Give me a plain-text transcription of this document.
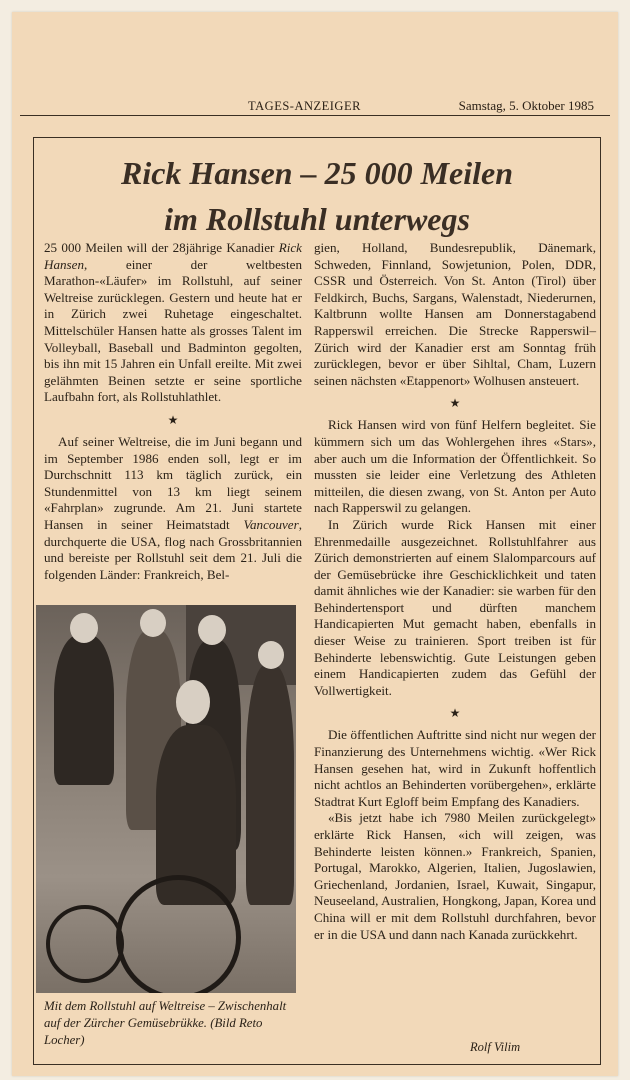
TAGES-ANZEIGER	Samstag, 5. Oktober 1985
Rick Hansen – 25 000 Meilen
im Rollstuhl unterwegs

25 000 Meilen will der 28jährige Kanadier Rick Hansen, einer der weltbesten Marathon-«Läufer» im Rollstuhl, auf seiner Weltreise zurücklegen. Gestern und heute hat er in Zürich zwei Ruhetage eingeschaltet. Mittelschüler Hansen hatte als grosses Talent im Volleyball, Baseball und Badminton gegolten, bis ihn mit 15 Jahren ein Unfall ereilte. Mit zwei gelähmten Beinen setzte er seine sportliche Laufbahn fort, als Rollstuhlathlet.

★

Auf seiner Weltreise, die im Juni begann und im September 1986 enden soll, legt er im Durchschnitt 113 km täglich zurück, ein Stundenmittel von 13 km liegt seinem «Fahrplan» zugrunde. Am 21. Juni startete Hansen in seiner Heimatstadt Vancouver, durchquerte die USA, flog nach Grossbritannien und bereiste per Rollstuhl seit dem 21. Juli die folgenden Länder: Frankreich, Bel-

Mit dem Rollstuhl auf Weltreise – Zwischenhalt auf der Zürcher Gemüsebrükke. (Bild Reto Locher)

gien, Holland, Bundesrepublik, Dänemark, Schweden, Finnland, Sowjetunion, Polen, DDR, CSSR und Österreich. Von St. Anton (Tirol) über Feldkirch, Buchs, Sargans, Walenstadt, Niederurnen, Kaltbrunn wollte Hansen am Donnerstagabend Rapperswil erreichen. Die Strecke Rapperswil–Zürich wird der Kanadier erst am Sonntag früh zurücklegen, bevor er über Sihltal, Cham, Luzern seinen nächsten «Etappenort» Wolhusen ansteuert.

★

Rick Hansen wird von fünf Helfern begleitet. Sie kümmern sich um das Wohlergehen ihres «Stars», aber auch um die Information der Öffentlichkeit. So mussten sie leider eine Verletzung des Athleten mitteilen, die diesen zwang, von St. Anton per Auto nach Rapperswil zu gelangen.

In Zürich wurde Rick Hansen mit einer Ehrenmedaille ausgezeichnet. Rollstuhlfahrer aus Zürich demonstrierten auf einem Slalomparcours auf der Gemüsebrücke ihre Geschicklichkeit und taten damit ähnliches wie der Kanadier: sie warben für den Behindertensport und dürften manchem Handicapierten Mut gemacht haben, ebenfalls in dieser Weise zu trainieren. Sport treiben ist für Behinderte lebenswichtig. Gute Leistungen geben einem Handicapierten zudem das Gefühl der Vollwertigkeit.

★

Die öffentlichen Auftritte sind nicht nur wegen der Finanzierung des Unternehmens wichtig. «Wer Rick Hansen gesehen hat, wird in Zukunft hoffentlich nicht achtlos an Behinderten vorübergehen», erklärte Stadtrat Kurt Egloff beim Empfang des Kanadiers.

«Bis jetzt habe ich 7980 Meilen zurückgelegt» erklärte Rick Hansen, «ich will zeigen, was Behinderte leisten können.» Frankreich, Spanien, Portugal, Marokko, Algerien, Italien, Jugoslawien, Griechenland, Jordanien, Israel, Kuwait, Singapur, Neuseeland, Australien, Hongkong, Japan, Korea und China will er mit dem Rollstuhl durchfahren, bevor er in die USA und dann nach Kanada zurückkehrt.

Rolf Vilim
